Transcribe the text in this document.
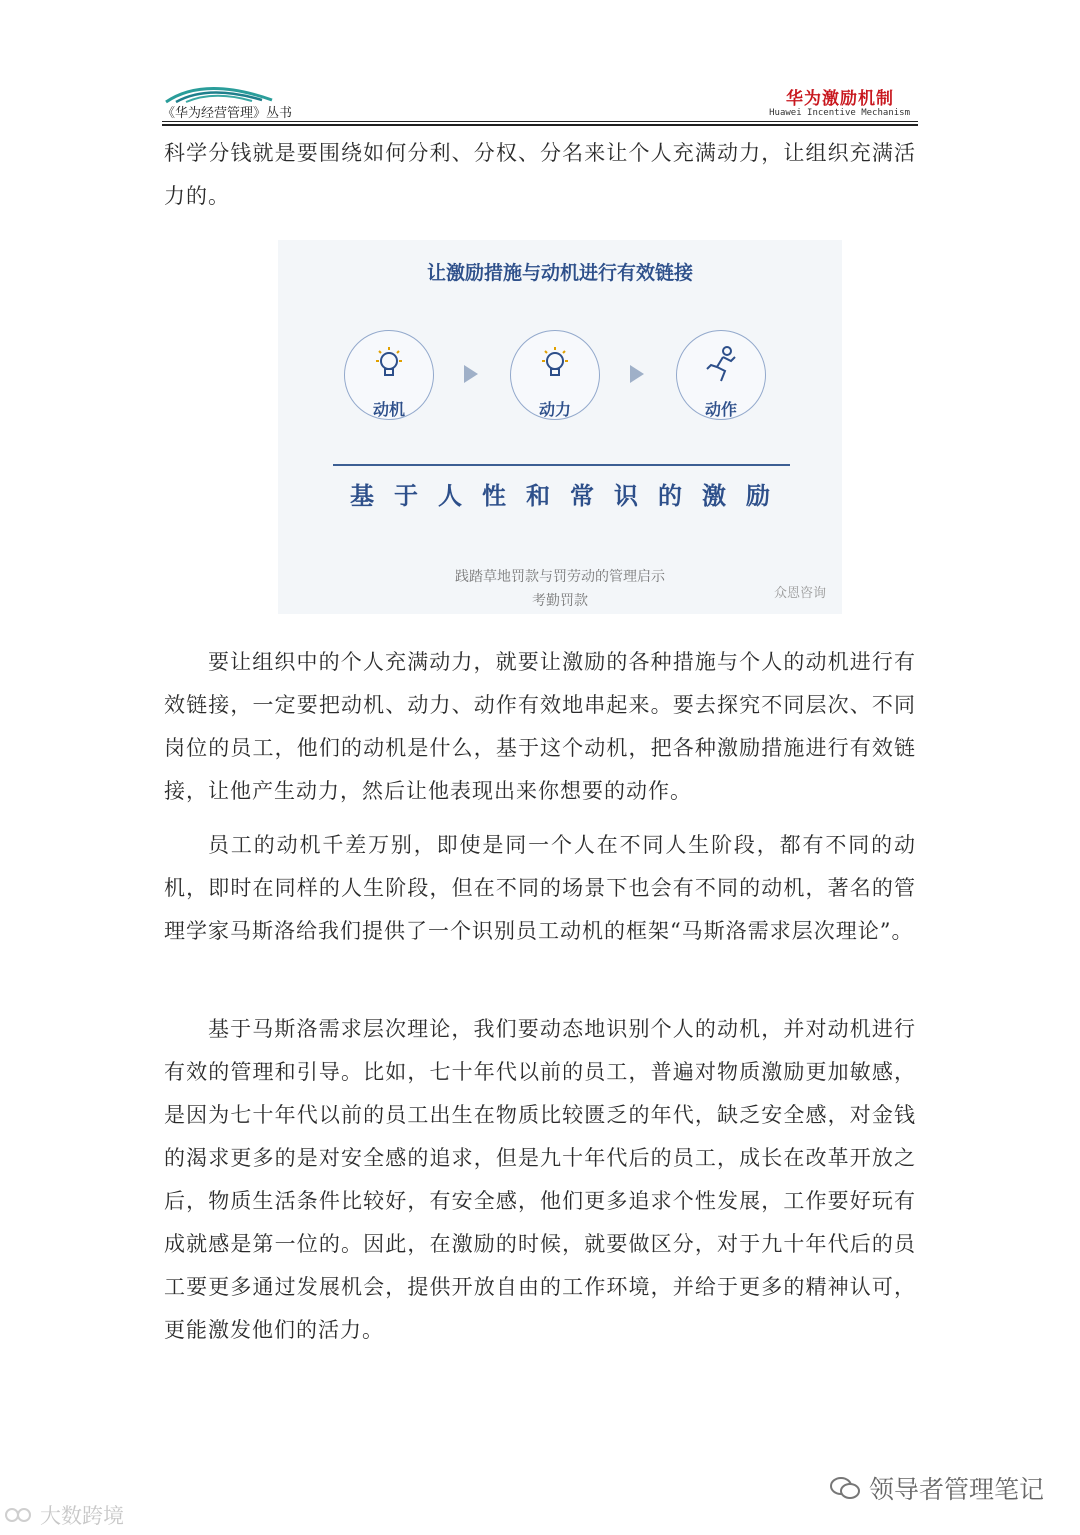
《华为经营管理》丛书
华为激励机制
Huawei Incentive Mechanism

科学分钱就是要围绕如何分利、分权、分名来让个人充满动力，让组织充满活力的。

让激励措施与动机进行有效链接
动机	动力	动作
基于人性和常识的激励
践踏草地罚款与罚劳动的管理启示
考勤罚款	众恩咨询

要让组织中的个人充满动力，就要让激励的各种措施与个人的动机进行有效链接，一定要把动机、动力、动作有效地串起来。要去探究不同层次、不同岗位的员工，他们的动机是什么，基于这个动机，把各种激励措施进行有效链接，让他产生动力，然后让他表现出来你想要的动作。

员工的动机千差万别，即使是同一个人在不同人生阶段，都有不同的动机，即时在同样的人生阶段，但在不同的场景下也会有不同的动机，著名的管理学家马斯洛给我们提供了一个识别员工动机的框架“马斯洛需求层次理论”。

基于马斯洛需求层次理论，我们要动态地识别个人的动机，并对动机进行有效的管理和引导。比如，七十年代以前的员工，普遍对物质激励更加敏感，是因为七十年代以前的员工出生在物质比较匮乏的年代，缺乏安全感，对金钱的渴求更多的是对安全感的追求，但是九十年代后的员工，成长在改革开放之后，物质生活条件比较好，有安全感，他们更多追求个性发展，工作要好玩有成就感是第一位的。因此，在激励的时候，就要做区分，对于九十年代后的员工要更多通过发展机会，提供开放自由的工作环境，并给于更多的精神认可，更能激发他们的活力。

领导者管理笔记
大数跨境
